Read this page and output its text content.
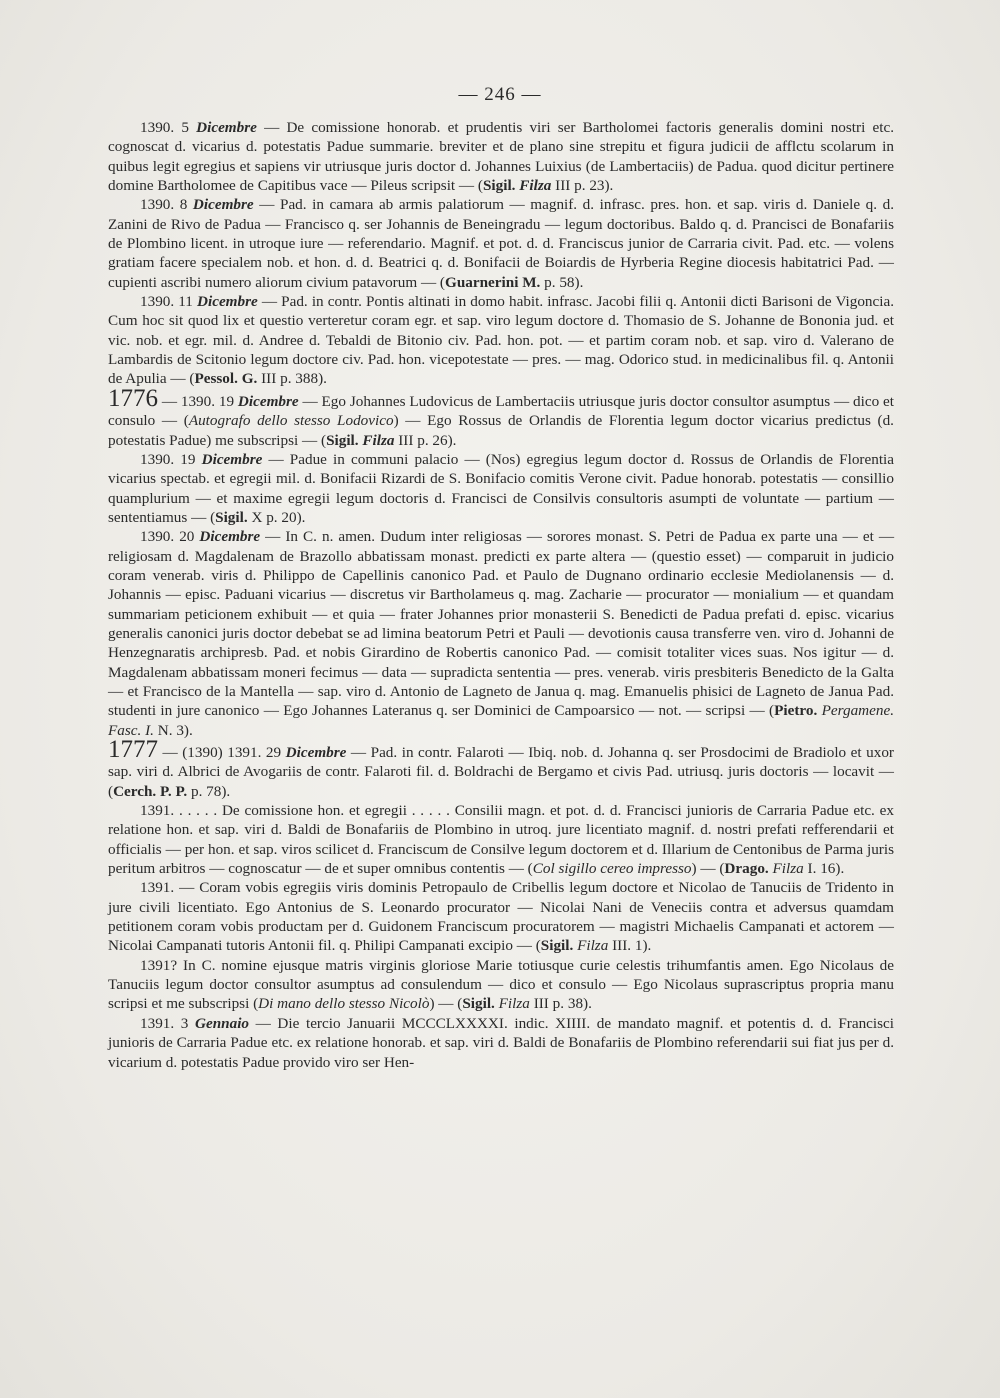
— 246 —

1390. 5 Dicembre — De comissione honorab. et prudentis viri ser Bartholomei factoris generalis domini nostri etc. cognoscat d. vicarius d. potestatis Padue summarie. breviter et de plano sine strepitu et figura judicii de afflctu scolarum in quibus legit egregius et sapiens vir utriusque juris doctor d. Johannes Luixius (de Lambertaciis) de Padua. quod dicitur pertinere domine Bartholomee de Capitibus vace — Pileus scripsit — (Sigil. Filza III p. 23).

1390. 8 Dicembre — Pad. in camara ab armis palatiorum — magnif. d. infrasc. pres. hon. et sap. viris d. Daniele q. d. Zanini de Rivo de Padua — Francisco q. ser Johannis de Beneingradu — legum doctoribus. Baldo q. d. Prancisci de Bonafariis de Plombino licent. in utroque iure — referendario. Magnif. et pot. d. d. Franciscus junior de Carraria civit. Pad. etc. — volens gratiam facere specialem nob. et hon. d. d. Beatrici q. d. Bonifacii de Boiardis de Hyrberia Regine diocesis habitatrici Pad. — cupienti ascribi numero aliorum civium patavorum — (Guarnerini M. p. 58).

1390. 11 Dicembre — Pad. in contr. Pontis altinati in domo habit. infrasc. Jacobi filii q. Antonii dicti Barisoni de Vigoncia. Cum hoc sit quod lix et questio verteretur coram egr. et sap. viro legum doctore d. Thomasio de S. Johanne de Bononia jud. et vic. nob. et egr. mil. d. Andree d. Tebaldi de Bitonio civ. Pad. hon. pot. — et partim coram nob. et sap. viro d. Valerano de Lambardis de Scitonio legum doctore civ. Pad. hon. vicepotestate — pres. — mag. Odorico stud. in medicinalibus fil. q. Antonii de Apulia — (Pessol. G. III p. 388).

1776 — 1390. 19 Dicembre — Ego Johannes Ludovicus de Lambertaciis utriusque juris doctor consultor asumptus — dico et consulo — (Autografo dello stesso Lodovico) — Ego Rossus de Orlandis de Florentia legum doctor vicarius predictus (d. potestatis Padue) me subscripsi — (Sigil. Filza III p. 26).

1390. 19 Dicembre — Padue in communi palacio — (Nos) egregius legum doctor d. Rossus de Orlandis de Florentia vicarius spectab. et egregii mil. d. Bonifacii Rizardi de S. Bonifacio comitis Verone civit. Padue honorab. potestatis — consillio quamplurium — et maxime egregii legum doctoris d. Francisci de Consilvis consultoris asumpti de voluntate — partium — sententiamus — (Sigil. X p. 20).

1390. 20 Dicembre — In C. n. amen. Dudum inter religiosas — sorores monast. S. Petri de Padua ex parte una — et — religiosam d. Magdalenam de Brazollo abbatissam monast. predicti ex parte altera — (questio esset) — comparuit in judicio coram venerab. viris d. Philippo de Capellinis canonico Pad. et Paulo de Dugnano ordinario ecclesie Mediolanensis — d. Johannis — episc. Paduani vicarius — discretus vir Bartholameus q. mag. Zacharie — procurator — monialium — et quandam summariam peticionem exhibuit — et quia — frater Johannes prior monasterii S. Benedicti de Padua prefati d. episc. vicarius generalis canonici juris doctor debebat se ad limina beatorum Petri et Pauli — devotionis causa transferre ven. viro d. Johanni de Henzegnaratis archipresb. Pad. et nobis Girardino de Robertis canonico Pad. — comisit totaliter vices suas. Nos igitur — d. Magdalenam abbatissam moneri fecimus — data — supradicta sententia — pres. venerab. viris presbiteris Benedicto de la Galta — et Francisco de la Mantella — sap. viro d. Antonio de Lagneto de Janua q. mag. Emanuelis phisici de Lagneto de Janua Pad. studenti in jure canonico — Ego Johannes Lateranus q. ser Dominici de Campoarsico — not. — scripsi — (Pietro. Pergamene. Fasc. I. N. 3).

1777 — (1390) 1391. 29 Dicembre — Pad. in contr. Falaroti — Ibiq. nob. d. Johanna q. ser Prosdocimi de Bradiolo et uxor sap. viri d. Albrici de Avogariis de contr. Falaroti fil. d. Boldrachi de Bergamo et civis Pad. utriusq. juris doctoris — locavit — (Cerch. P. P. p. 78).

1391. . . . . . De comissione hon. et egregii . . . . . Consilii magn. et pot. d. d. Francisci junioris de Carraria Padue etc. ex relatione hon. et sap. viri d. Baldi de Bonafariis de Plombino in utroq. jure licentiato magnif. d. nostri prefati refferendarii et officialis — per hon. et sap. viros scilicet d. Franciscum de Consilve legum doctorem et d. Illarium de Centonibus de Parma juris peritum arbitros — cognoscatur — de et super omnibus contentis — (Col sigillo cereo impresso) — (Drago. Filza I. 16).

1391. — Coram vobis egregiis viris dominis Petropaulo de Cribellis legum doctore et Nicolao de Tanuciis de Tridento in jure civili licentiato. Ego Antonius de S. Leonardo procurator — Nicolai Nani de Veneciis contra et adversus quamdam petitionem coram vobis productam per d. Guidonem Franciscum procuratorem — magistri Michaelis Campanati et actorem — Nicolai Campanati tutoris Antonii fil. q. Philipi Campanati excipio — (Sigil. Filza III. 1).

1391? In C. nomine ejusque matris virginis gloriose Marie totiusque curie celestis trihumfantis amen. Ego Nicolaus de Tanuciis legum doctor consultor asumptus ad consulendum — dico et consulo — Ego Nicolaus suprascriptus propria manu scripsi et me subscripsi (Di mano dello stesso Nicolò) — (Sigil. Filza III p. 38).

1391. 3 Gennaio — Die tercio Januarii MCCCLXXXXI. indic. XIIII. de mandato magnif. et potentis d. d. Francisci junioris de Carraria Padue etc. ex relatione honorab. et sap. viri d. Baldi de Bonafariis de Plombino referendarii sui fiat jus per d. vicarium d. potestatis Padue provido viro ser Hen-
